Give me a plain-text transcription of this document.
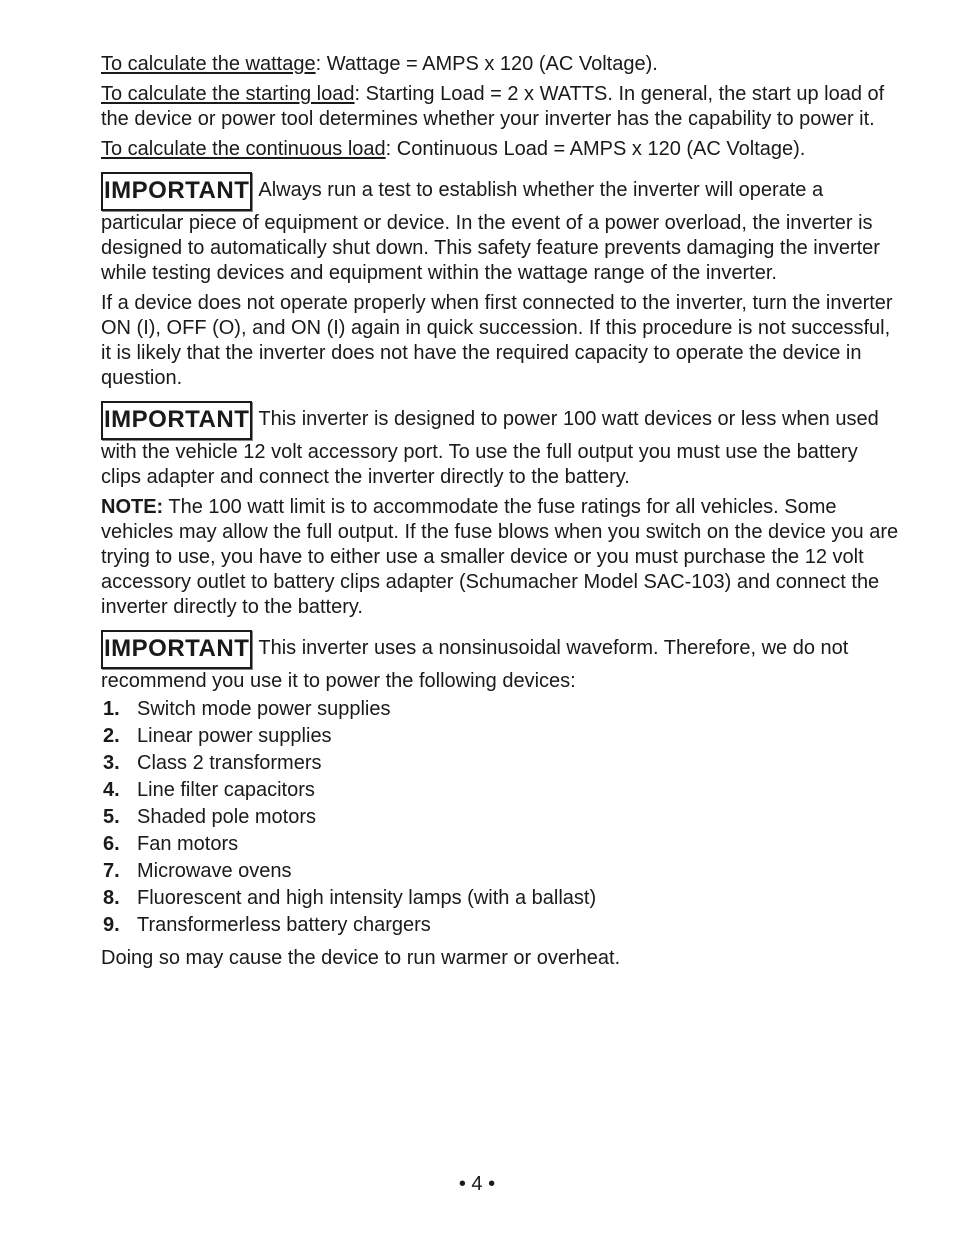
To calculate the wattage: Wattage = AMPS x 120 (AC Voltage).

To calculate the starting load: Starting Load = 2 x WATTS. In general, the start up load of the device or power tool determines whether your inverter has the capability to power it.

To calculate the continuous load: Continuous Load = AMPS x 120 (AC Voltage).

IMPORTANT Always run a test to establish whether the inverter will operate a particular piece of equipment or device. In the event of a power overload, the inverter is designed to automatically shut down. This safety feature prevents damaging the inverter while testing devices and equipment within the wattage range of the inverter.

If a device does not operate properly when first connected to the inverter, turn the inverter ON (I), OFF (O), and ON (I) again in quick succession. If this procedure is not successful, it is likely that the inverter does not have the required capacity to operate the device in question.

IMPORTANT This inverter is designed to power 100 watt devices or less when used with the vehicle 12 volt accessory port. To use the full output you must use the battery clips adapter and connect the inverter directly to the battery.

NOTE: The 100 watt limit is to accommodate the fuse ratings for all vehicles. Some vehicles may allow the full output. If the fuse blows when you switch on the device you are trying to use, you have to either use a smaller device or you must purchase the 12 volt accessory outlet to battery clips adapter (Schumacher Model SAC-103) and connect the inverter directly to the battery.

IMPORTANT This inverter uses a nonsinusoidal waveform. Therefore, we do not recommend you use it to power the following devices:

1. Switch mode power supplies
2. Linear power supplies
3. Class 2 transformers
4. Line filter capacitors
5. Shaded pole motors
6. Fan motors
7. Microwave ovens
8. Fluorescent and high intensity lamps (with a ballast)
9. Transformerless battery chargers

Doing so may cause the device to run warmer or overheat.

• 4 •
